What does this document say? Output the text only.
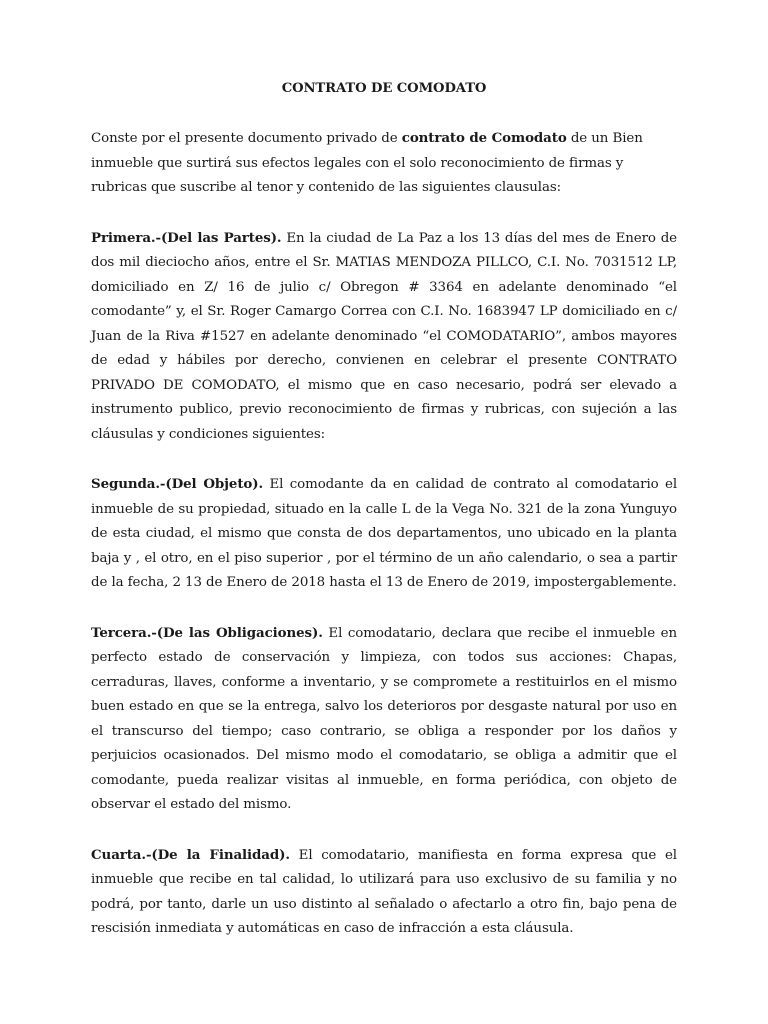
CONTRATO DE COMODATO

Conste por el presente documento privado de contrato de Comodato de un Bien inmueble que surtirá sus efectos legales con el solo reconocimiento de firmas y rubricas que suscribe al tenor y contenido de las siguientes clausulas:

Primera.-(Del las Partes). En la ciudad de La Paz a los 13 días del mes de Enero de dos mil dieciocho años, entre el Sr. MATIAS MENDOZA PILLCO, C.I. No. 7031512 LP, domiciliado en Z/ 16 de julio c/ Obregon # 3364 en adelante denominado “el comodante” y, el Sr. Roger Camargo Correa con C.I. No. 1683947 LP domiciliado en c/ Juan de la Riva #1527 en adelante denominado “el COMODATARIO”, ambos mayores de edad y hábiles por derecho, convienen en celebrar el presente CONTRATO PRIVADO DE COMODATO, el mismo que en caso necesario, podrá ser elevado a instrumento publico, previo reconocimiento de firmas y rubricas, con sujeción a las cláusulas y condiciones siguientes:

Segunda.-(Del Objeto). El comodante da en calidad de contrato al comodatario el inmueble de su propiedad, situado en la calle L de la Vega No. 321 de la zona Yunguyo de esta ciudad, el mismo que consta de dos departamentos, uno ubicado en la planta baja y , el otro, en el piso superior , por el término de un año calendario, o sea a partir de la fecha, 2 13 de Enero de 2018 hasta el 13 de Enero de 2019, impostergablemente.

Tercera.-(De las Obligaciones). El comodatario, declara que recibe el inmueble en perfecto estado de conservación y limpieza, con todos sus acciones: Chapas, cerraduras, llaves, conforme a inventario, y se compromete a restituirlos en el mismo buen estado en que se la entrega, salvo los deterioros por desgaste natural por uso en el transcurso del tiempo; caso contrario, se obliga a responder por los daños y perjuicios ocasionados. Del mismo modo el comodatario, se obliga a admitir que el comodante, pueda realizar visitas al inmueble, en forma periódica, con objeto de observar el estado del mismo.

Cuarta.-(De la Finalidad). El comodatario, manifiesta en forma expresa que el inmueble que recibe en tal calidad, lo utilizará para uso exclusivo de su familia y no podrá, por tanto, darle un uso distinto al señalado o afectarlo a otro fin, bajo pena de rescisión inmediata y automáticas en caso de infracción a esta cláusula.
